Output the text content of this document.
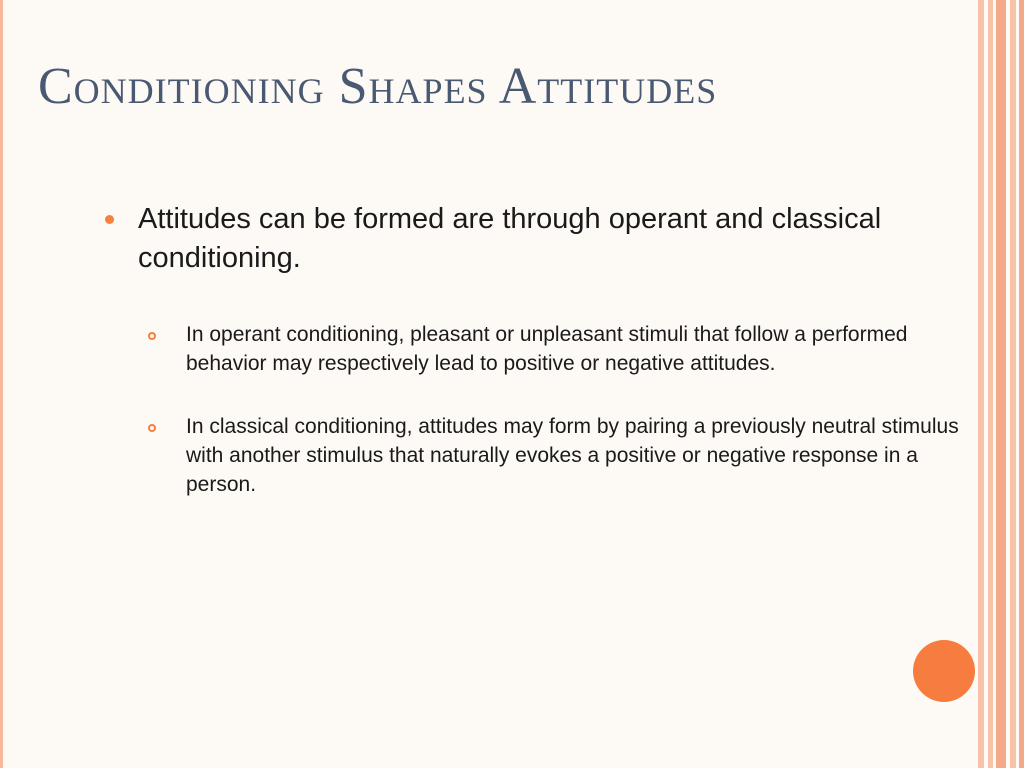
Conditioning Shapes Attitudes
Attitudes can be formed are through operant and classical conditioning.
In operant conditioning, pleasant or unpleasant stimuli that follow a performed behavior may respectively lead to positive or negative attitudes.
In classical conditioning, attitudes may form by pairing a previously neutral stimulus with another stimulus that naturally evokes a positive or negative response in a person.
